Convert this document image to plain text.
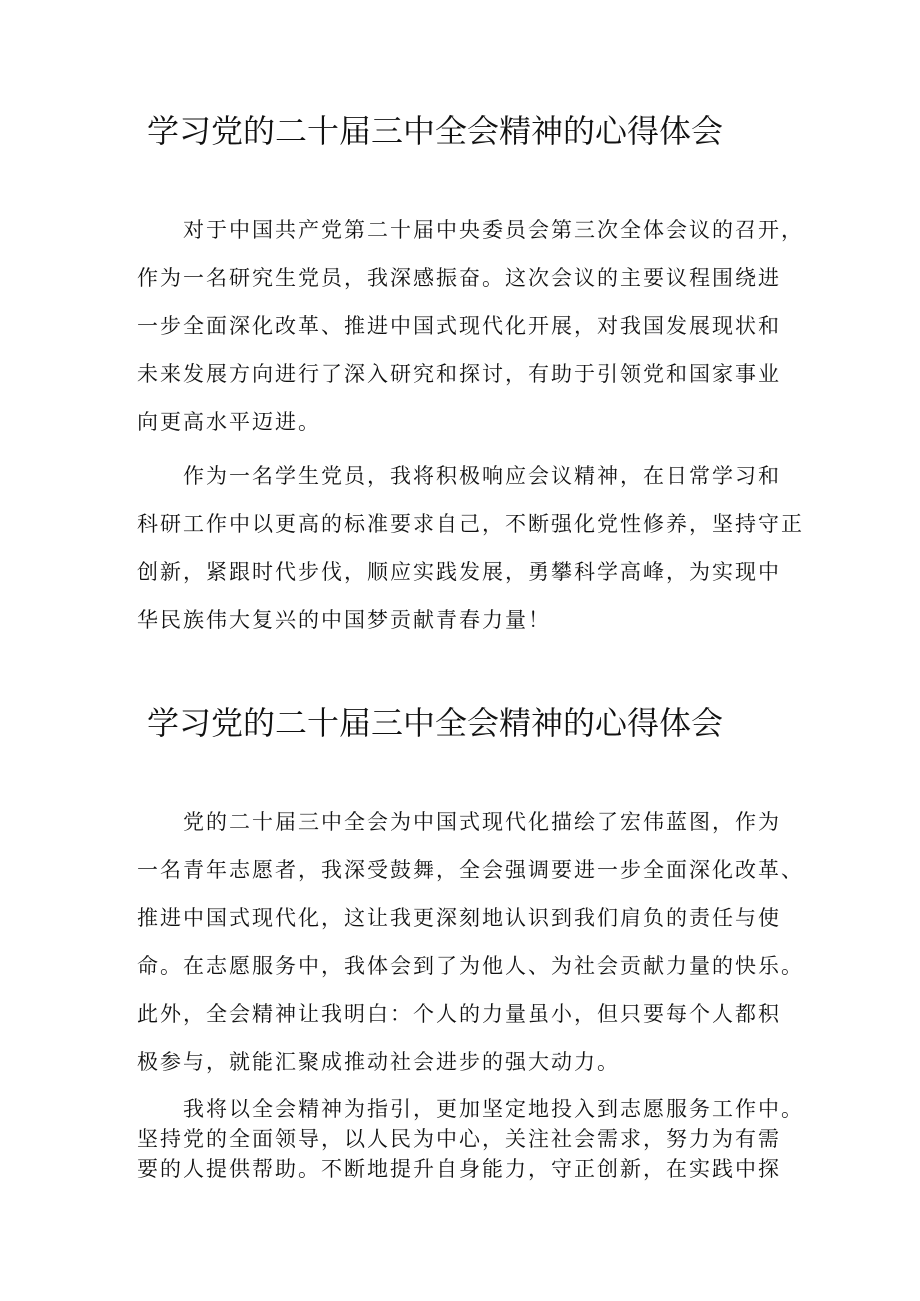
学习党的二十届三中全会精神的心得体会

对于中国共产党第二十届中央委员会第三次全体会议的召开，
作为一名研究生党员，我深感振奋。这次会议的主要议程围绕进
一步全面深化改革、推进中国式现代化开展，对我国发展现状和
未来发展方向进行了深入研究和探讨，有助于引领党和国家事业
向更高水平迈进。

作为一名学生党员，我将积极响应会议精神，在日常学习和
科研工作中以更高的标准要求自己，不断强化党性修养，坚持守正
创新，紧跟时代步伐，顺应实践发展，勇攀科学高峰，为实现中
华民族伟大复兴的中国梦贡献青春力量！

学习党的二十届三中全会精神的心得体会

党的二十届三中全会为中国式现代化描绘了宏伟蓝图，作为
一名青年志愿者，我深受鼓舞，全会强调要进一步全面深化改革、
推进中国式现代化，这让我更深刻地认识到我们肩负的责任与使
命。在志愿服务中，我体会到了为他人、为社会贡献力量的快乐。
此外，全会精神让我明白：个人的力量虽小，但只要每个人都积
极参与，就能汇聚成推动社会进步的强大动力。

我将以全会精神为指引，更加坚定地投入到志愿服务工作中。
坚持党的全面领导，以人民为中心，关注社会需求，努力为有需
要的人提供帮助。不断地提升自身能力，守正创新，在实践中探
